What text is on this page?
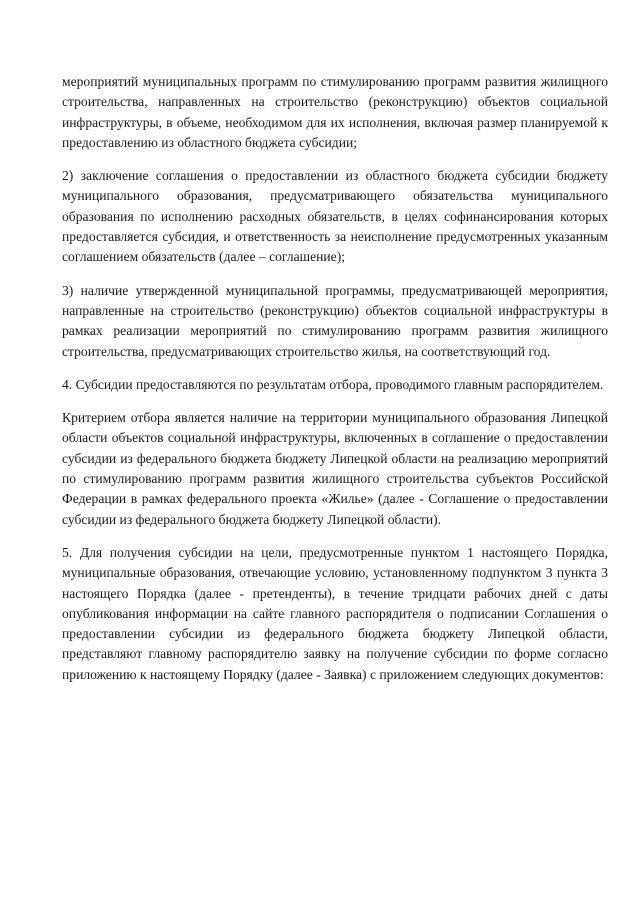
мероприятий муниципальных программ по стимулированию программ развития жилищного строительства, направленных на строительство (реконструкцию) объектов социальной инфраструктуры, в объеме, необходимом для их исполнения, включая размер планируемой к предоставлению из областного бюджета субсидии;

2) заключение соглашения о предоставлении из областного бюджета субсидии бюджету муниципального образования, предусматривающего обязательства муниципального образования по исполнению расходных обязательств, в целях софинансирования которых предоставляется субсидия, и ответственность за неисполнение предусмотренных указанным соглашением обязательств (далее – соглашение);

3) наличие утвержденной муниципальной программы, предусматривающей мероприятия, направленные на строительство (реконструкцию) объектов социальной инфраструктуры в рамках реализации мероприятий по стимулированию программ развития жилищного строительства, предусматривающих строительство жилья, на соответствующий год.

4. Субсидии предоставляются по результатам отбора, проводимого главным распорядителем.

Критерием отбора является наличие на территории муниципального образования Липецкой области объектов социальной инфраструктуры, включенных в соглашение о предоставлении субсидии из федерального бюджета бюджету Липецкой области на реализацию мероприятий по стимулированию программ развития жилищного строительства субъектов Российской Федерации в рамках федерального проекта «Жилье» (далее - Соглашение о предоставлении субсидии из федерального бюджета бюджету Липецкой области).

5. Для получения субсидии на цели, предусмотренные пунктом 1 настоящего Порядка, муниципальные образования, отвечающие условию, установленному подпунктом 3 пункта 3 настоящего Порядка (далее - претенденты), в течение тридцати рабочих дней с даты опубликования информации на сайте главного распорядителя о подписании Соглашения о предоставлении субсидии из федерального бюджета бюджету Липецкой области, представляют главному распорядителю заявку на получение субсидии по форме согласно приложению к настоящему Порядку (далее - Заявка) с приложением следующих документов:
